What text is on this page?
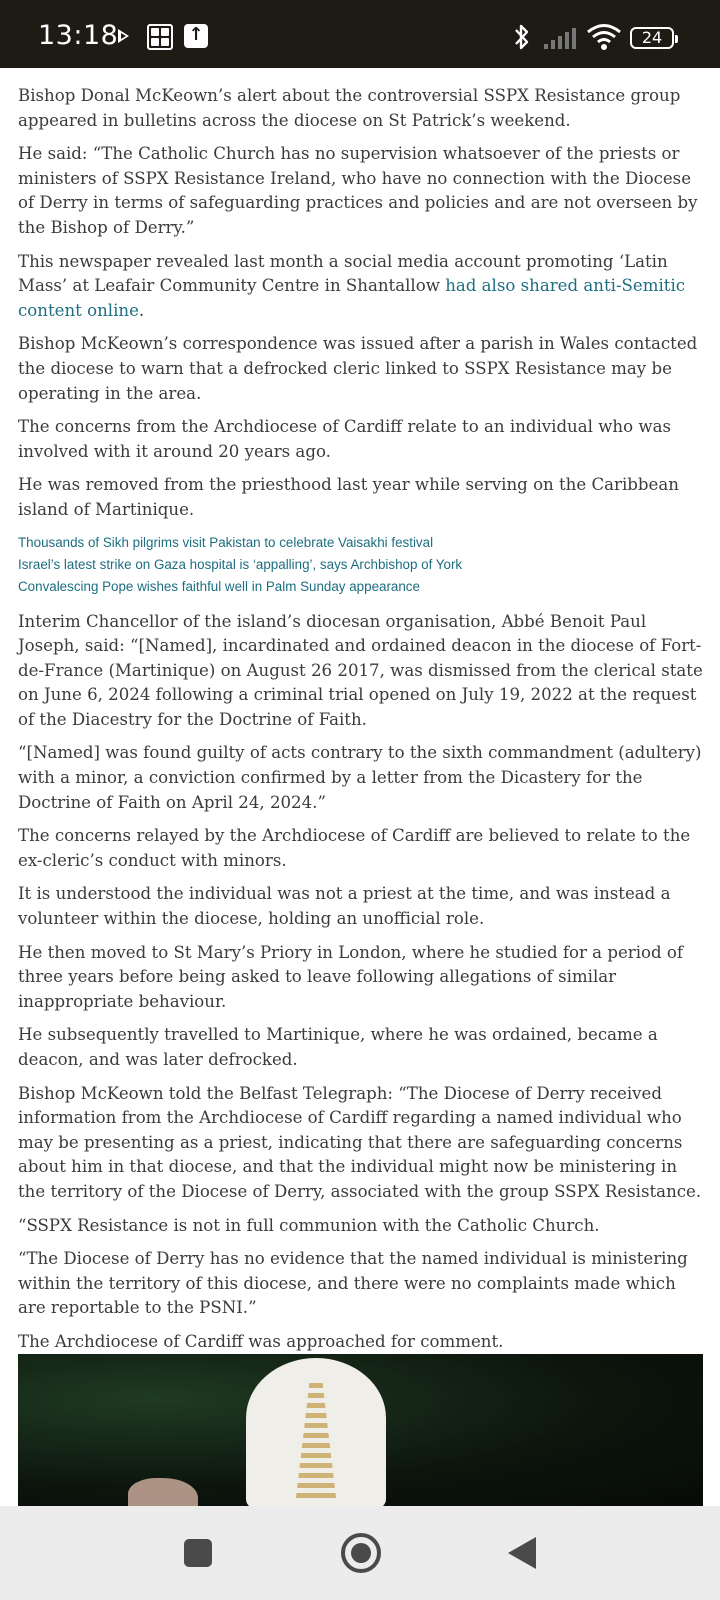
13:18	↑	24

Bishop Donal McKeown’s alert about the controversial SSPX Resistance group appeared in bulletins across the diocese on St Patrick’s weekend.

He said: “The Catholic Church has no supervision whatsoever of the priests or ministers of SSPX Resistance Ireland, who have no connection with the Diocese of Derry in terms of safeguarding practices and policies and are not overseen by the Bishop of Derry.”

This newspaper revealed last month a social media account promoting ‘Latin Mass’ at Leafair Community Centre in Shantallow had also shared anti-Semitic content online.

Bishop McKeown’s correspondence was issued after a parish in Wales contacted the diocese to warn that a defrocked cleric linked to SSPX Resistance may be operating in the area.

The concerns from the Archdiocese of Cardiff relate to an individual who was involved with it around 20 years ago.

He was removed from the priesthood last year while serving on the Caribbean island of Martinique.

Thousands of Sikh pilgrims visit Pakistan to celebrate Vaisakhi festival
Israel’s latest strike on Gaza hospital is ‘appalling’, says Archbishop of York
Convalescing Pope wishes faithful well in Palm Sunday appearance

Interim Chancellor of the island’s diocesan organisation, Abbé Benoit Paul Joseph, said: “[Named], incardinated and ordained deacon in the diocese of Fort-de-France (Martinique) on August 26 2017, was dismissed from the clerical state on June 6, 2024 following a criminal trial opened on July 19, 2022 at the request of the Diacestry for the Doctrine of Faith.

“[Named] was found guilty of acts contrary to the sixth commandment (adultery) with a minor, a conviction confirmed by a letter from the Dicastery for the Doctrine of Faith on April 24, 2024.”

The concerns relayed by the Archdiocese of Cardiff are believed to relate to the ex-cleric’s conduct with minors.

It is understood the individual was not a priest at the time, and was instead a volunteer within the diocese, holding an unofficial role.

He then moved to St Mary’s Priory in London, where he studied for a period of three years before being asked to leave following allegations of similar inappropriate behaviour.

He subsequently travelled to Martinique, where he was ordained, became a deacon, and was later defrocked.

Bishop McKeown told the Belfast Telegraph: “The Diocese of Derry received information from the Archdiocese of Cardiff regarding a named individual who may be presenting as a priest, indicating that there are safeguarding concerns about him in that diocese, and that the individual might now be ministering in the territory of the Diocese of Derry, associated with the group SSPX Resistance.

“SSPX Resistance is not in full communion with the Catholic Church.

“The Diocese of Derry has no evidence that the named individual is ministering within the territory of this diocese, and there were no complaints made which are reportable to the PSNI.”

The Archdiocese of Cardiff was approached for comment.
